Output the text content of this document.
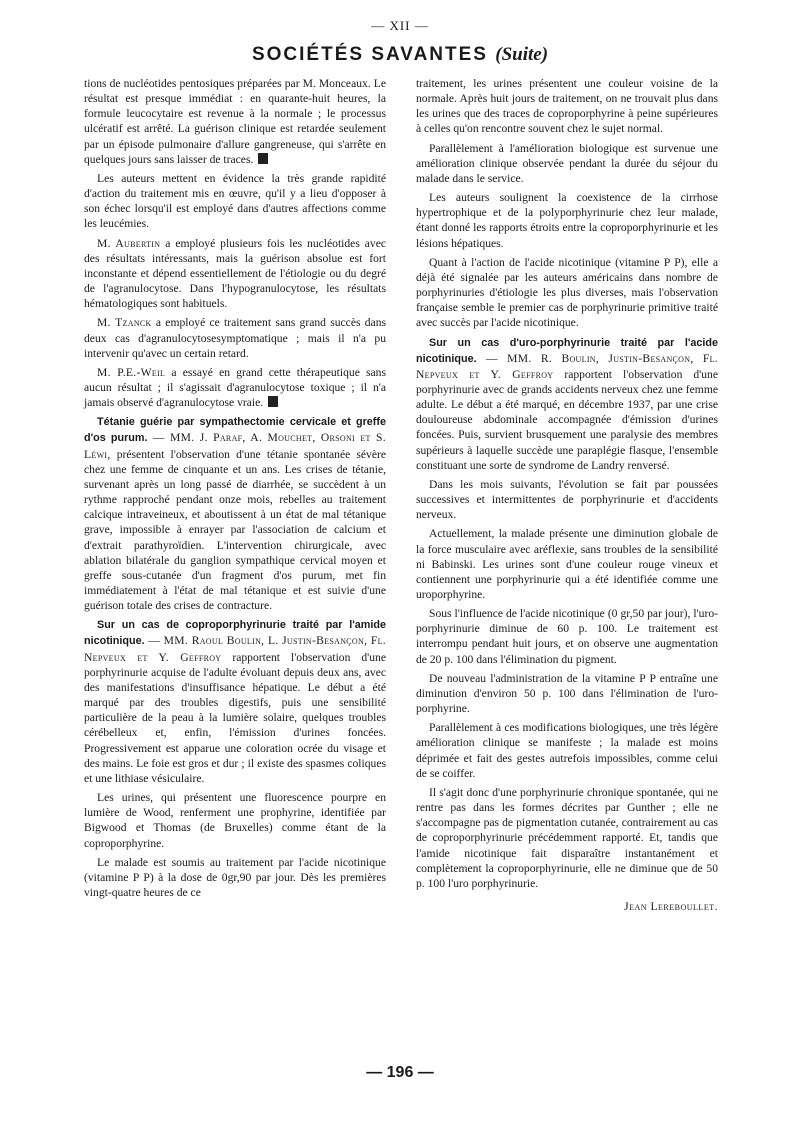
— XII —
SOCIÉTÉS SAVANTES (Suite)

tions de nucléotides pentosiques préparées par M. Monceaux. Le résultat est presque immédiat : en quarante-huit heures, la formule leucocytaire est revenue à la normale ; le processus ulcératif est arrêté. La guérison clinique est retardée seulement par un épisode pulmonaire d'allure gangreneuse, qui s'arrête en quelques jours sans laisser de traces.

Les auteurs mettent en évidence la très grande rapidité d'action du traitement mis en œuvre, qu'il y a lieu d'opposer à son échec lorsqu'il est employé dans d'autres affections comme les leucémies.

M. Aubertin a employé plusieurs fois les nucléotides avec des résultats intéressants, mais la guérison absolue est fort inconstante et dépend essentiellement de l'étiologie ou du degré de l'agranulocytose. Dans l'hypogranulocytose, les résultats hématologiques sont habituels.

M. Tzanck a employé ce traitement sans grand succès dans deux cas d'agranulocytosesymptomatique ; mais il n'a pu intervenir qu'avec un certain retard.

M. P.E.-Weil a essayé en grand cette thérapeutique sans aucun résultat ; il s'agissait d'agranulocytose toxique ; il n'a jamais observé d'agranulocytose vraie.

Tétanie guérie par sympathectomie cervicale et greffe d'os purum. — MM. J. Paraf, A. Mouchet, Orsoni et S. Léwi, présentent l'observation d'une tétanie spontanée sévère chez une femme de cinquante et un ans. Les crises de tétanie, survenant après un long passé de diarrhée, se succèdent à un rythme rapproché pendant onze mois, rebelles au traitement calcique intraveineux, et aboutissent à un état de mal tétanique grave, impossible à enrayer par l'association de calcium et d'extrait parathyroïdien. L'intervention chirurgicale, avec ablation bilatérale du ganglion sympathique cervical moyen et greffe sous-cutanée d'un fragment d'os purum, met fin immédiatement à l'état de mal tétanique et est suivie d'une guérison totale des crises de contracture.

Sur un cas de coproporphyrinurie traité par l'amide nicotinique. — MM. Raoul Boulin, L. Justin-Besançon, Fl. Nepveux et Y. Geffroy rapportent l'observation d'une porphyrinurie acquise de l'adulte évoluant depuis deux ans, avec des manifestations d'insuffisance hépatique. Le début a été marqué par des troubles digestifs, puis une sensibilité particulière de la peau à la lumière solaire, quelques troubles cérébelleux et, enfin, l'émission d'urines foncées. Progressivement est apparue une coloration ocrée du visage et des mains. Le foie est gros et dur ; il existe des spasmes coliques et une lithiase vésiculaire.

Les urines, qui présentent une fluorescence pourpre en lumière de Wood, renferment une prophyrine, identifiée par Bigwood et Thomas (de Bruxelles) comme étant de la coproporphyrine.

Le malade est soumis au traitement par l'acide nicotinique (vitamine P P) à la dose de 0gr,90 par jour. Dès les premières vingt-quatre heures de ce

traitement, les urines présentent une couleur voisine de la normale. Après huit jours de traitement, on ne trouvait plus dans les urines que des traces de coproporphyrine à peine supérieures à celles qu'on rencontre souvent chez le sujet normal.

Parallèlement à l'amélioration biologique est survenue une amélioration clinique observée pendant la durée du séjour du malade dans le service.

Les auteurs soulignent la coexistence de la cirrhose hypertrophique et de la polyporphyrinurie chez leur malade, étant donné les rapports étroits entre la coproporphyrinurie et les lésions hépatiques.

Quant à l'action de l'acide nicotinique (vitamine P P), elle a déjà été signalée par les auteurs américains dans nombre de porphyrinuries d'étiologie les plus diverses, mais l'observation française semble le premier cas de porphyrinurie primitive traité avec succès par l'acide nicotinique.

Sur un cas d'uro-porphyrinurie traité par l'acide nicotinique. — MM. R. Boulin, Justin-Besançon, Fl. Nepveux et Y. Geffroy rapportent l'observation d'une porphyrinurie avec de grands accidents nerveux chez une femme adulte. Le début a été marqué, en décembre 1937, par une crise douloureuse abdominale accompagnée d'émission d'urines foncées. Puis, survient brusquement une paralysie des membres supérieurs à laquelle succède une paraplégie flasque, l'ensemble constituant une sorte de syndrome de Landry renversé.

Dans les mois suivants, l'évolution se fait par poussées successives et intermittentes de porphyrinurie et d'accidents nerveux.

Actuellement, la malade présente une diminution globale de la force musculaire avec aréflexie, sans troubles de la sensibilité ni Babinski. Les urines sont d'une couleur rouge vineux et contiennent une porphyrinurie qui a été identifiée comme une uroporphyrine.

Sous l'influence de l'acide nicotinique (0 gr,50 par jour), l'uro-porphyrinurie diminue de 60 p. 100. Le traitement est interrompu pendant huit jours, et on observe une augmentation de 20 p. 100 dans l'élimination du pigment.

De nouveau l'administration de la vitamine P P entraîne une diminution d'environ 50 p. 100 dans l'élimination de l'uro-porphyrine.

Parallèlement à ces modifications biologiques, une très légère amélioration clinique se manifeste ; la malade est moins déprimée et fait des gestes autrefois impossibles, comme celui de se coiffer.

Il s'agit donc d'une porphyrinurie chronique spontanée, qui ne rentre pas dans les formes décrites par Gunther ; elle ne s'accompagne pas de pigmentation cutanée, contrairement au cas de coproporphyrinurie précédemment rapporté. Et, tandis que l'amide nicotinique fait disparaître instantanément et complètement la coproporphyrinurie, elle ne diminue que de 50 p. 100 l'uro porphyrinurie.

Jean Lereboullet.

— 196 —
